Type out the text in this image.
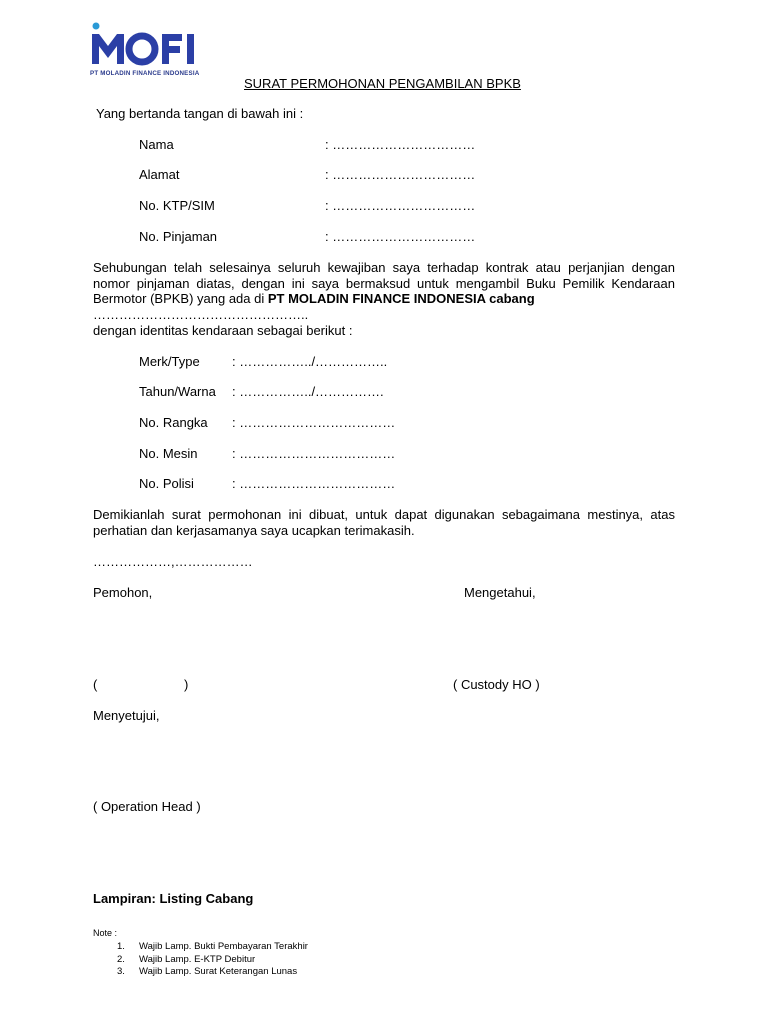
PT MOLADIN FINANCE INDONESIA
SURAT PERMOHONAN PENGAMBILAN BPKB
Yang bertanda tangan di bawah ini :
Nama	: ……………………………
Alamat	: ……………………………
No. KTP/SIM	: ……………………………
No. Pinjaman	: ……………………………
Sehubungan telah selesainya seluruh kewajiban saya terhadap kontrak atau perjanjian dengan nomor pinjaman diatas, dengan ini saya bermaksud untuk mengambil Buku Pemilik Kendaraan Bermotor (BPKB) yang ada di PT MOLADIN FINANCE INDONESIA cabang
…………………………………………..
dengan identitas kendaraan sebagai berikut :
Merk/Type : ……………../……………..
Tahun/Warna : ……………../…………….
No. Rangka : ………………………………
No. Mesin	: ………………………………
No. Polisi	: ………………………………
Demikianlah surat permohonan ini dibuat, untuk dapat digunakan sebagaimana mestinya, atas perhatian dan kerjasamanya saya ucapkan terimakasih.
………………,………………
Pemohon,	Mengetahui,
(                        )	( Custody HO )
Menyetujui,
( Operation Head )
Lampiran: Listing Cabang
Note :
1. Wajib Lamp. Bukti Pembayaran Terakhir
2. Wajib Lamp. E-KTP Debitur
3. Wajib Lamp. Surat Keterangan Lunas
